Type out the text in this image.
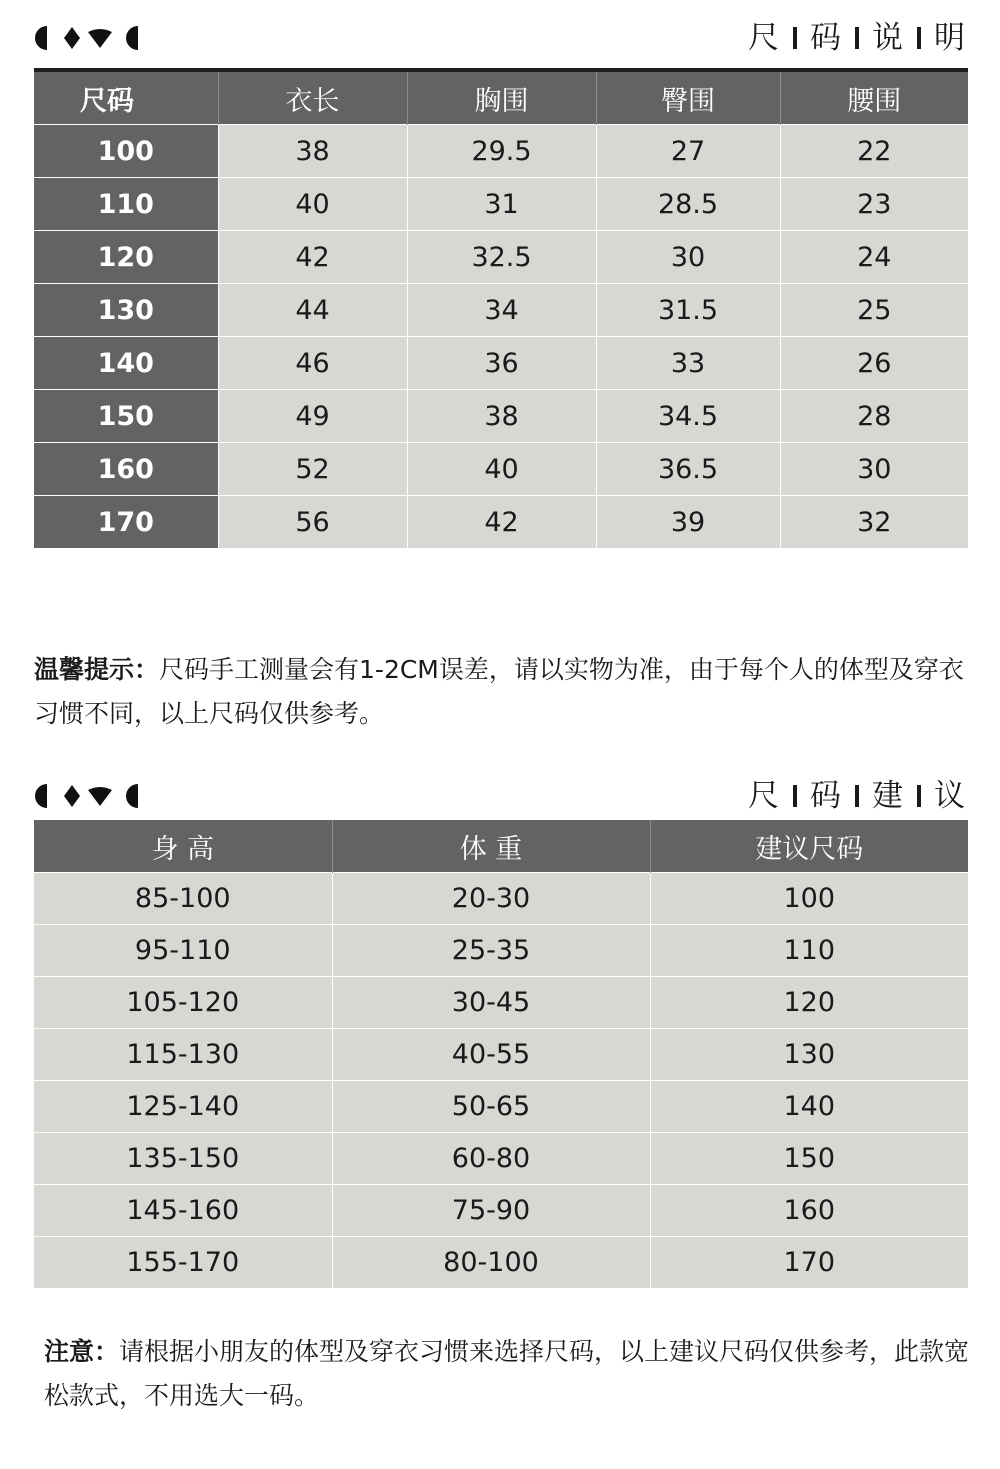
尺 码 说 明
尺码	衣长	胸围	臀围	腰围
100	38	29.5	27	22
110	40	31	28.5	23
120	42	32.5	30	24
130	44	34	31.5	25
140	46	36	33	26
150	49	38	34.5	28
160	52	40	36.5	30
170	56	42	39	32
温馨提示：尺码手工测量会有1-2CM误差，请以实物为准，由于每个人的体型及穿衣习惯不同，以上尺码仅供参考。
尺 码 建 议
身 高	体 重	建议尺码
85-100	20-30	100
95-110	25-35	110
105-120	30-45	120
115-130	40-55	130
125-140	50-65	140
135-150	60-80	150
145-160	75-90	160
155-170	80-100	170
注意：请根据小朋友的体型及穿衣习惯来选择尺码，以上建议尺码仅供参考，此款宽松款式，不用选大一码。
